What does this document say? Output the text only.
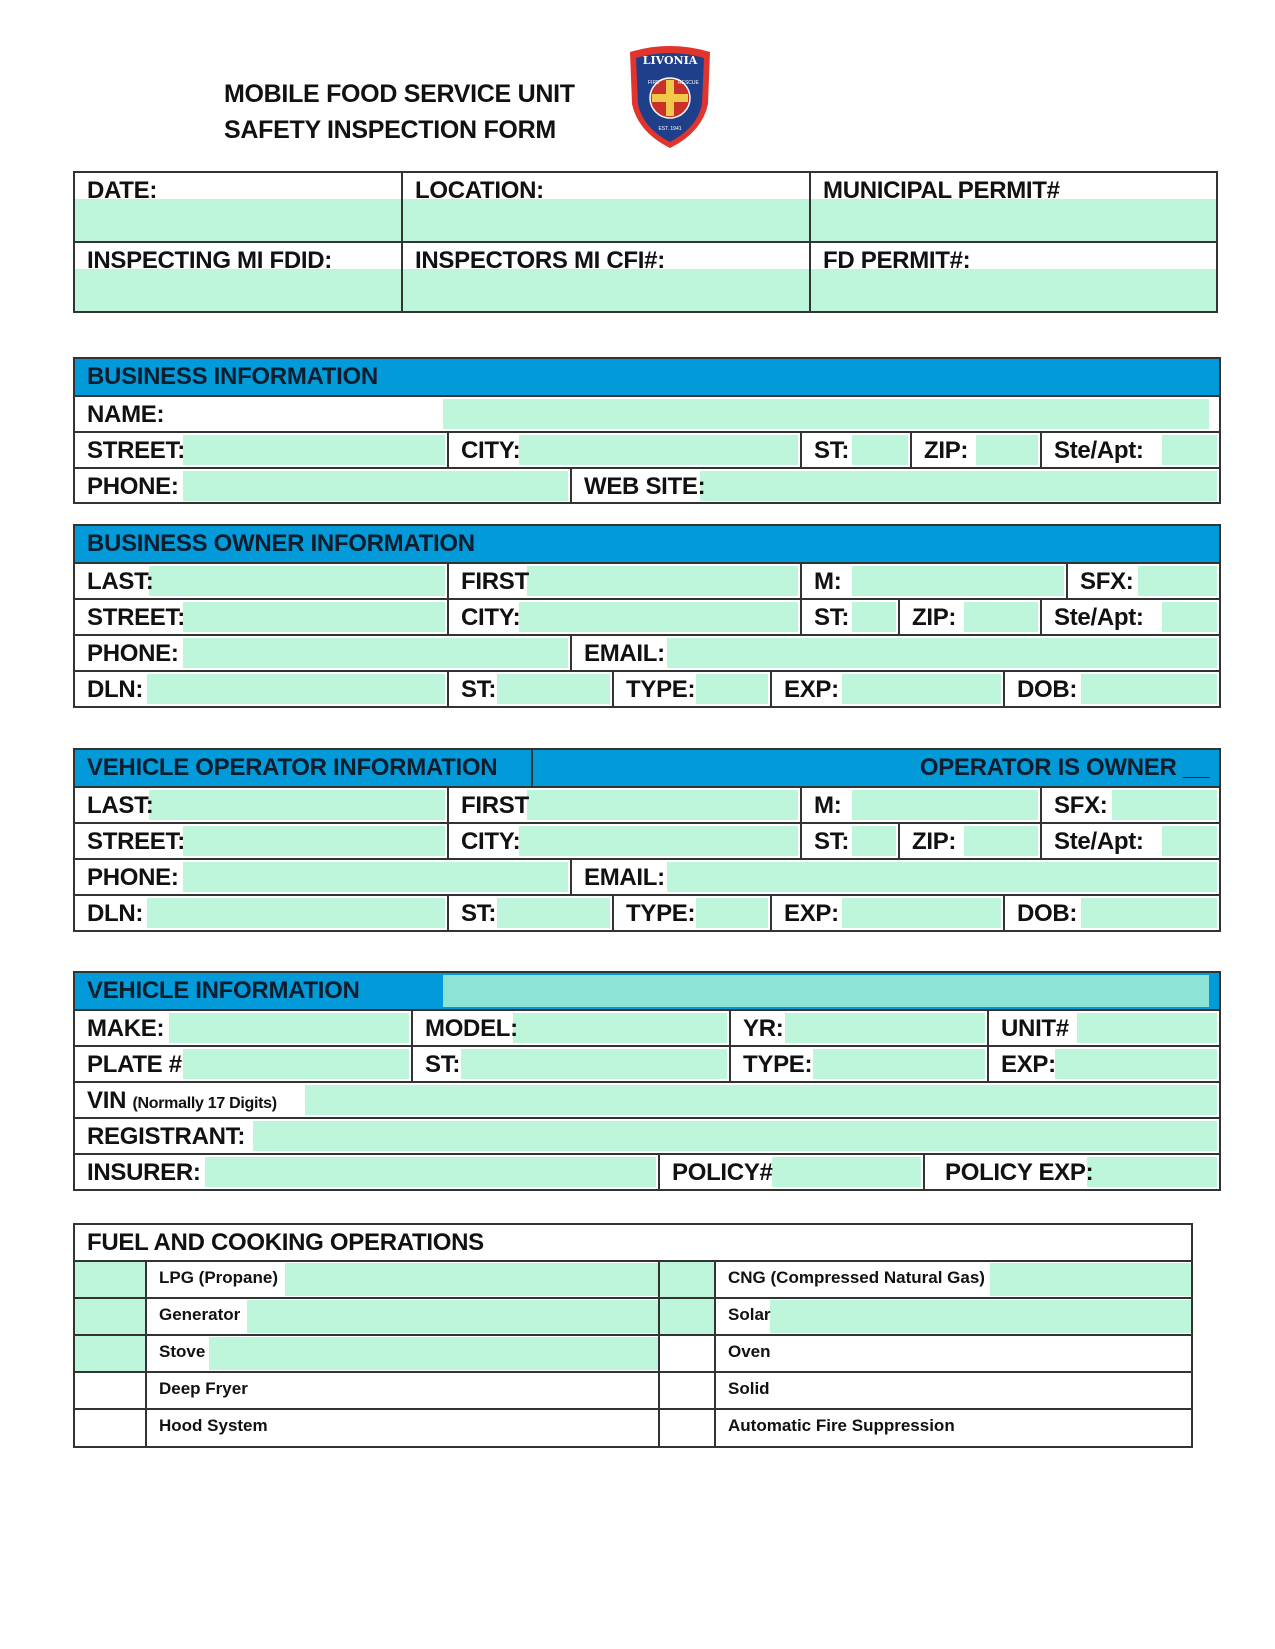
MOBILE FOOD SERVICE UNIT
SAFETY INSPECTION FORM
LIVONIA
FIRE	RESCUE
EST. 1941
DATE:	LOCATION:	MUNICIPAL PERMIT#
INSPECTING MI FDID:	INSPECTORS MI CFI#:	FD PERMIT#:
BUSINESS INFORMATION
NAME:
STREET:	CITY:	ST:	ZIP:	Ste/Apt:
PHONE:	WEB SITE:
BUSINESS OWNER INFORMATION
LAST:	FIRST	M:	SFX:
STREET:	CITY:	ST:	ZIP:	Ste/Apt:
PHONE:	EMAIL:
DLN:	ST:	TYPE:	EXP:	DOB:
VEHICLE OPERATOR INFORMATION	OPERATOR IS OWNER __
LAST:	FIRST	M:	SFX:
STREET:	CITY:	ST:	ZIP:	Ste/Apt:
PHONE:	EMAIL:
DLN:	ST:	TYPE:	EXP:	DOB:
VEHICLE INFORMATION
MAKE:	MODEL:	YR:	UNIT#
PLATE #	ST:	TYPE:	EXP:
VIN (Normally 17 Digits)
REGISTRANT:
INSURER:	POLICY#	POLICY EXP:
FUEL AND COOKING OPERATIONS
LPG (Propane)	CNG (Compressed Natural Gas)
Generator	Solar
Stove	Oven
Deep Fryer	Solid
Hood System	Automatic Fire Suppression
